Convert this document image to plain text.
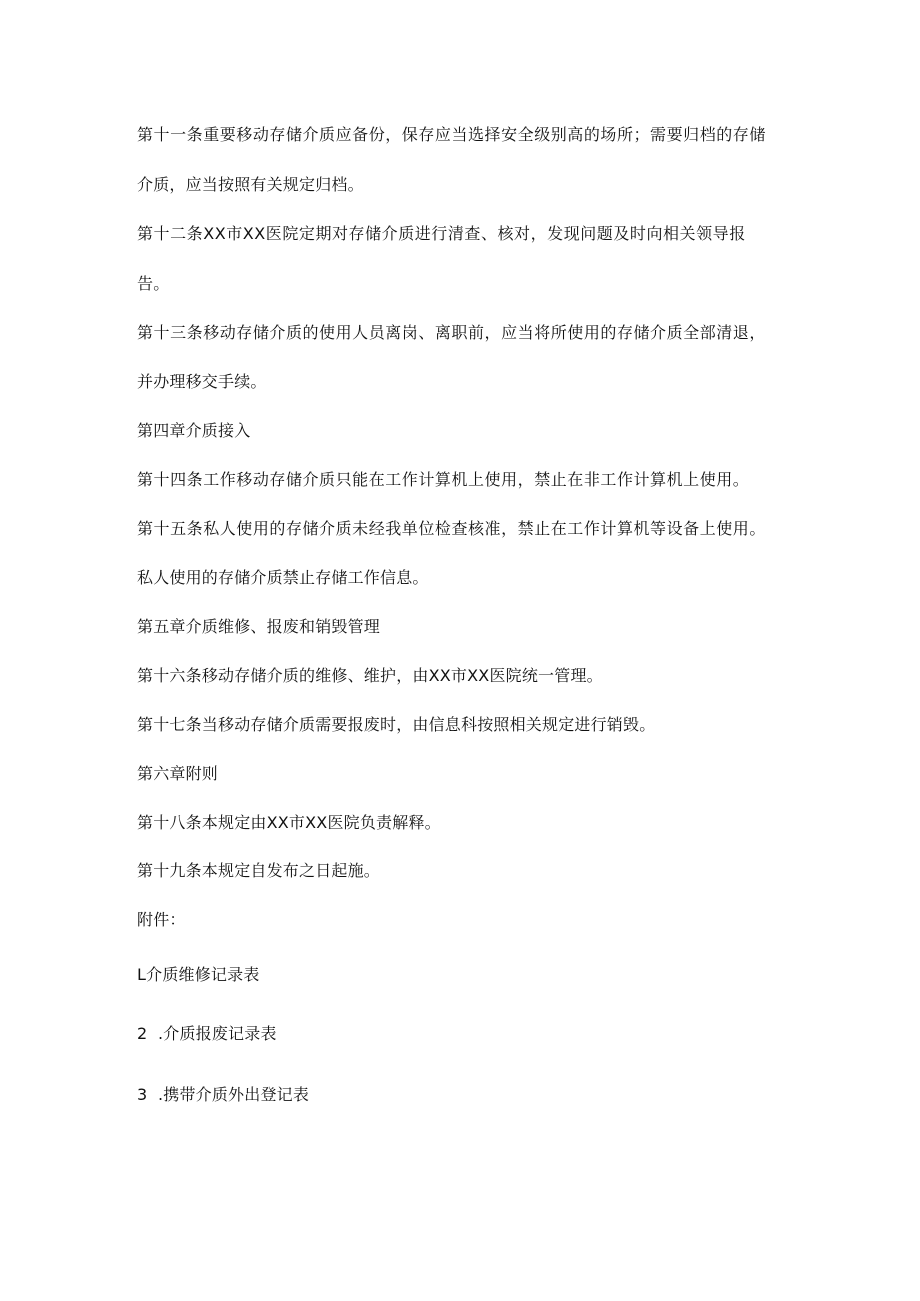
第十一条重要移动存储介质应备份，保存应当选择安全级别高的场所；需要归档的存储
介质，应当按照有关规定归档。
第十二条XX市XX医院定期对存储介质进行清查、核对，发现问题及时向相关领导报
告。
第十三条移动存储介质的使用人员离岗、离职前，应当将所使用的存储介质全部清退，
并办理移交手续。
第四章介质接入
第十四条工作移动存储介质只能在工作计算机上使用，禁止在非工作计算机上使用。
第十五条私人使用的存储介质未经我单位检查核准，禁止在工作计算机等设备上使用。
私人使用的存储介质禁止存储工作信息。
第五章介质维修、报废和销毁管理
第十六条移动存储介质的维修、维护，由XX市XX医院统一管理。
第十七条当移动存储介质需要报废时，由信息科按照相关规定进行销毁。
第六章附则
第十八条本规定由XX市XX医院负责解释。
第十九条本规定自发布之日起施。
附件：
L介质维修记录表
2  .介质报废记录表
3  .携带介质外出登记表
